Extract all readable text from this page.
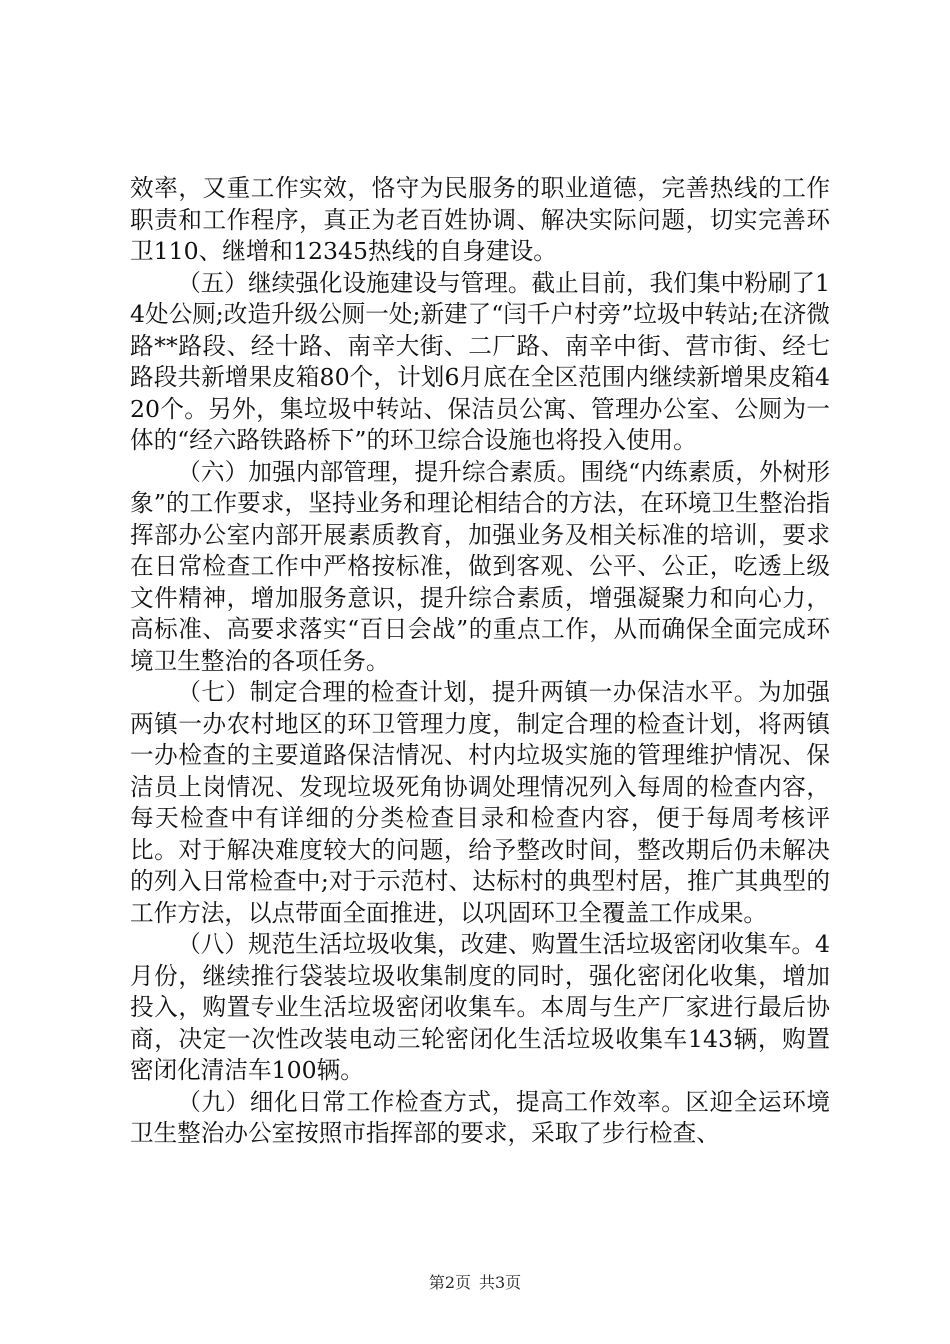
效率，又重工作实效，恪守为民服务的职业道德，完善热线的工作职责和工作程序，真正为老百姓协调、解决实际问题，切实完善环卫110、继增和12345热线的自身建设。

（五）继续强化设施建设与管理。截止目前，我们集中粉刷了14处公厕;改造升级公厕一处;新建了“闫千户村旁”垃圾中转站;在济微路**路段、经十路、南辛大街、二厂路、南辛中街、营市街、经七路段共新增果皮箱80个，计划6月底在全区范围内继续新增果皮箱420个。另外，集垃圾中转站、保洁员公寓、管理办公室、公厕为一体的“经六路铁路桥下”的环卫综合设施也将投入使用。

（六）加强内部管理，提升综合素质。围绕“内练素质，外树形象”的工作要求，坚持业务和理论相结合的方法，在环境卫生整治指挥部办公室内部开展素质教育，加强业务及相关标准的培训，要求在日常检查工作中严格按标准，做到客观、公平、公正，吃透上级文件精神，增加服务意识，提升综合素质，增强凝聚力和向心力，高标准、高要求落实“百日会战”的重点工作，从而确保全面完成环境卫生整治的各项任务。

（七）制定合理的检查计划，提升两镇一办保洁水平。为加强两镇一办农村地区的环卫管理力度，制定合理的检查计划，将两镇一办检查的主要道路保洁情况、村内垃圾实施的管理维护情况、保洁员上岗情况、发现垃圾死角协调处理情况列入每周的检查内容，每天检查中有详细的分类检查目录和检查内容，便于每周考核评比。对于解决难度较大的问题，给予整改时间，整改期后仍未解决的列入日常检查中;对于示范村、达标村的典型村居，推广其典型的工作方法，以点带面全面推进，以巩固环卫全覆盖工作成果。

（八）规范生活垃圾收集，改建、购置生活垃圾密闭收集车。4月份，继续推行袋装垃圾收集制度的同时，强化密闭化收集，增加投入，购置专业生活垃圾密闭收集车。本周与生产厂家进行最后协商，决定一次性改装电动三轮密闭化生活垃圾收集车143辆，购置密闭化清洁车100辆。

（九）细化日常工作检查方式，提高工作效率。区迎全运环境卫生整治办公室按照市指挥部的要求，采取了步行检查、

第2页 共3页
